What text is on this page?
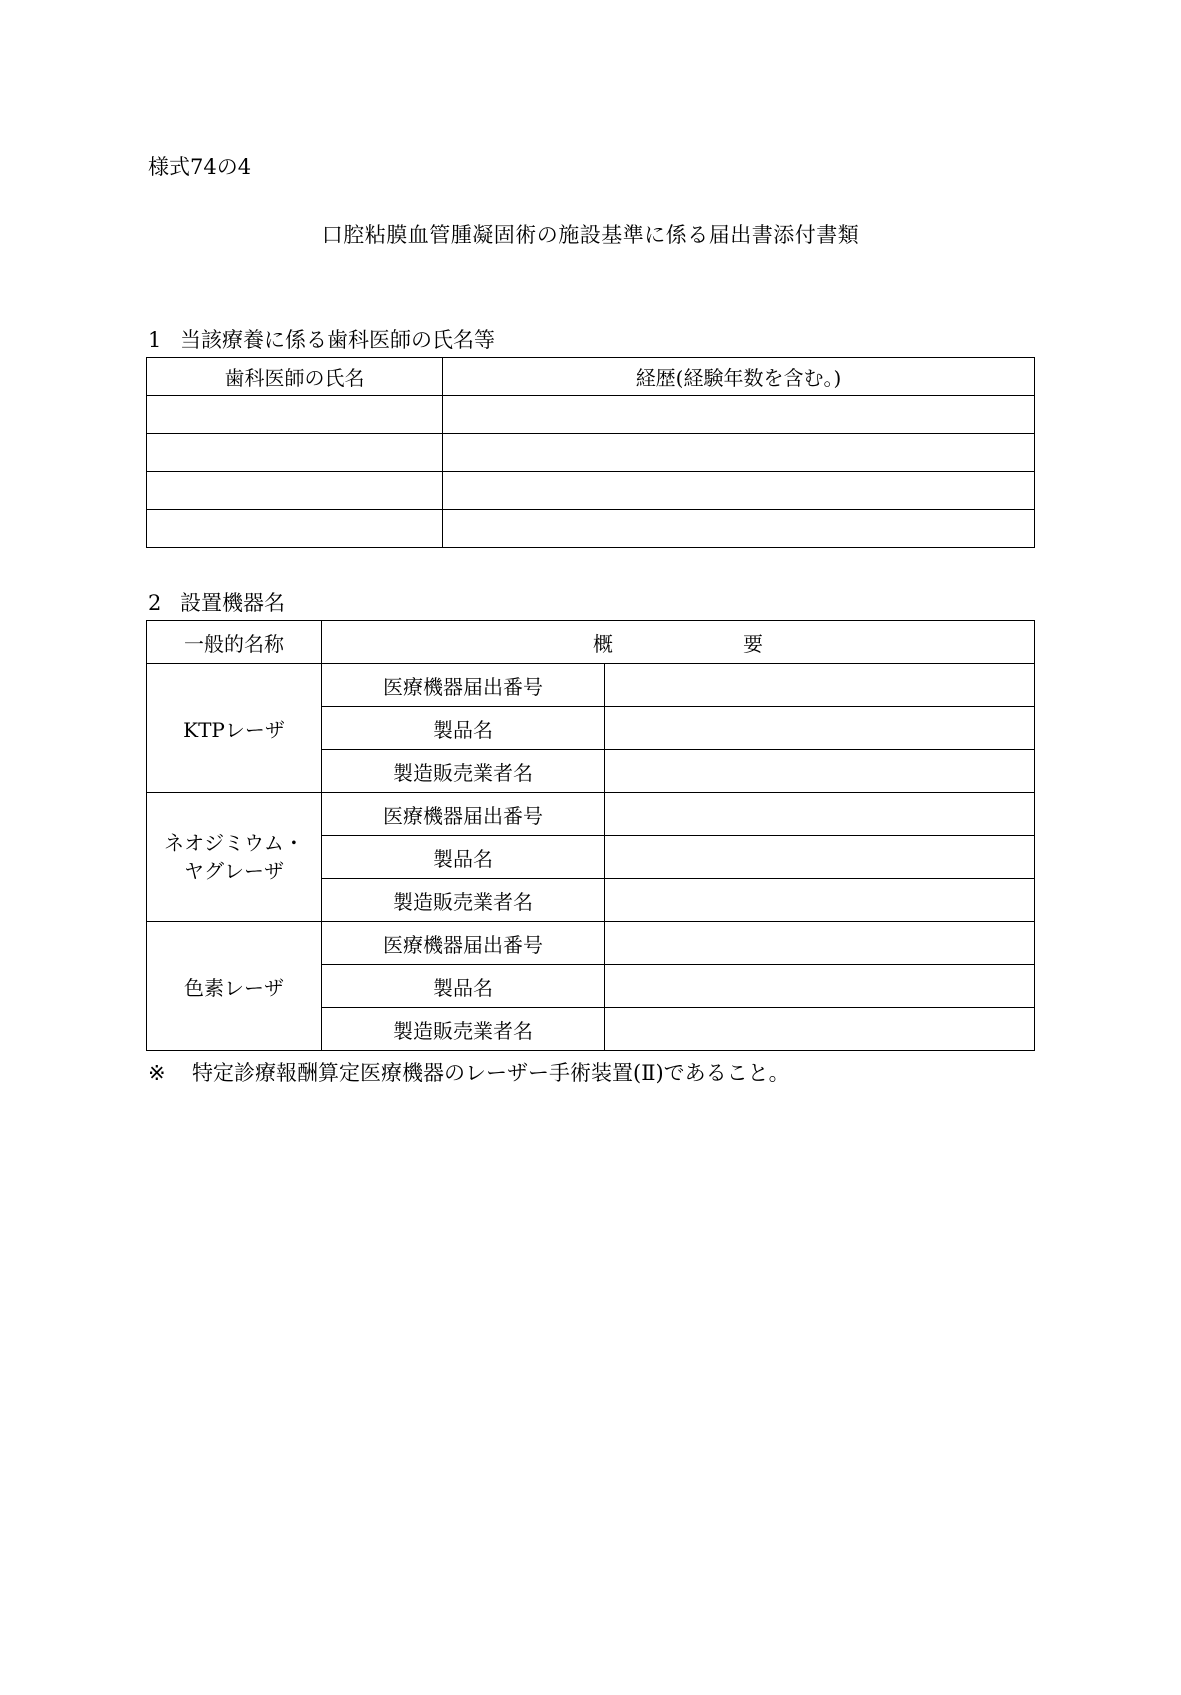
様式74の4
口腔粘膜血管腫凝固術の施設基準に係る届出書添付書類
1 当該療養に係る歯科医師の氏名等
歯科医師の氏名	経歴(経験年数を含む。)

2 設置機器名
一般的名称	概 要	
KTPレーザ	医療機器届出番号	
	製品名	
	製造販売業者名	
ネオジミウム・
ヤグレーザ	医療機器届出番号	
	製品名	
	製造販売業者名	
色素レーザ	医療機器届出番号	
	製品名	
	製造販売業者名	
※ 特定診療報酬算定医療機器のレーザー手術装置(Ⅱ)であること。
